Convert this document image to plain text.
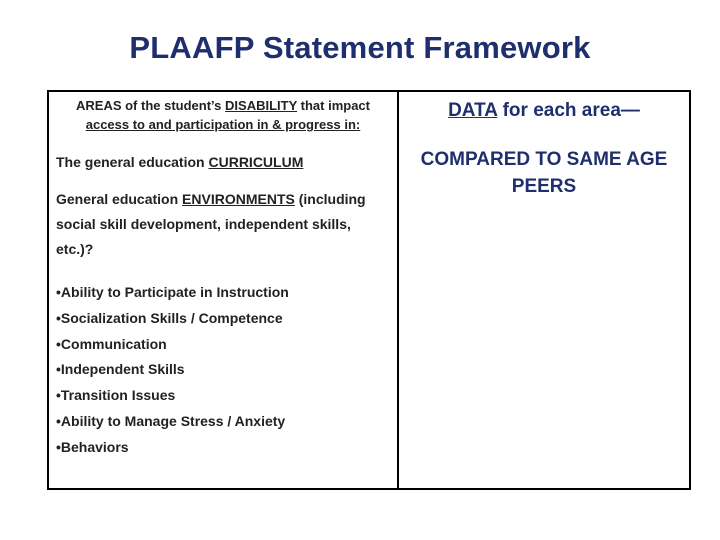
PLAAFP Statement Framework
AREAS of the student’s DISABILITY that impact
access to and participation in & progress in:
The general education CURRICULUM
General education ENVIRONMENTS (including social skill development, independent skills, etc.)?
•Ability to Participate in Instruction
•Socialization Skills / Competence
•Communication
•Independent Skills
•Transition Issues
•Ability to Manage Stress / Anxiety
•Behaviors
DATA for each area—
COMPARED TO SAME AGE PEERS
